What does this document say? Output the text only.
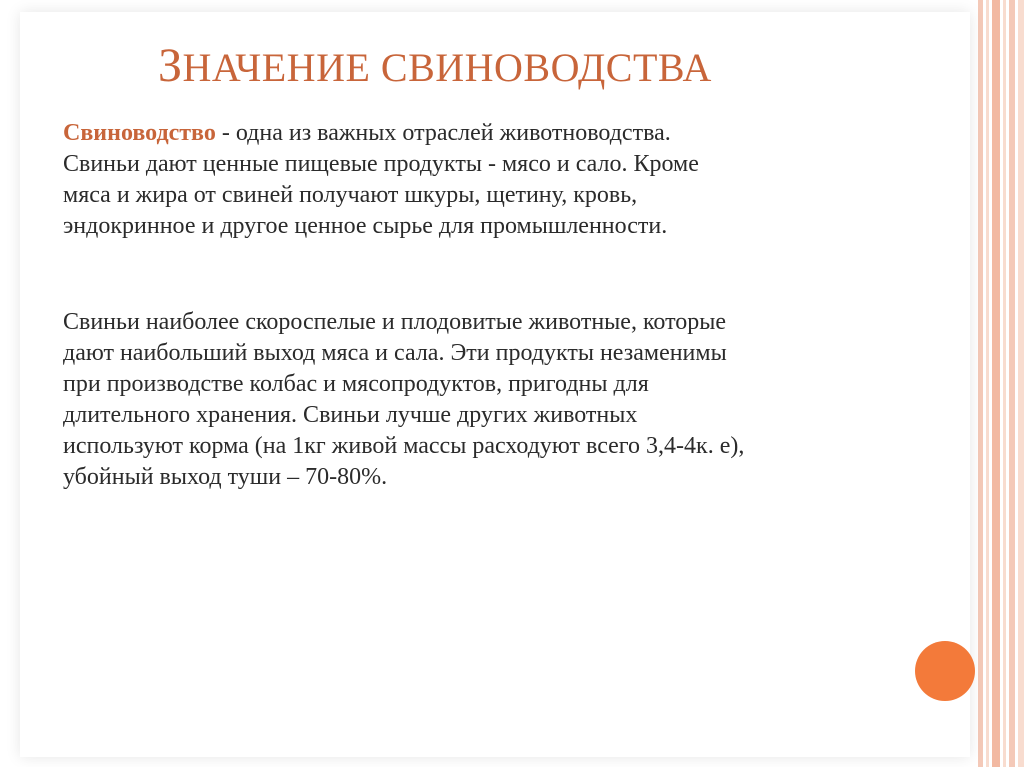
ЗНАЧЕНИЕ СВИНОВОДСТВА
Свиноводство - одна из важных отраслей животноводства.
Свиньи дают ценные пищевые продукты - мясо и сало. Кроме
мяса и жира от свиней получают шкуры, щетину, кровь,
эндокринное и другое ценное сырье для промышленности.
Свиньи наиболее скороспелые и плодовитые животные, которые
дают наибольший выход мяса и сала. Эти продукты незаменимы
при производстве колбас и мясопродуктов, пригодны для
длительного хранения. Свиньи лучше других животных
используют корма (на 1кг живой массы расходуют всего 3,4-4к. е),
убойный выход туши – 70-80%.
